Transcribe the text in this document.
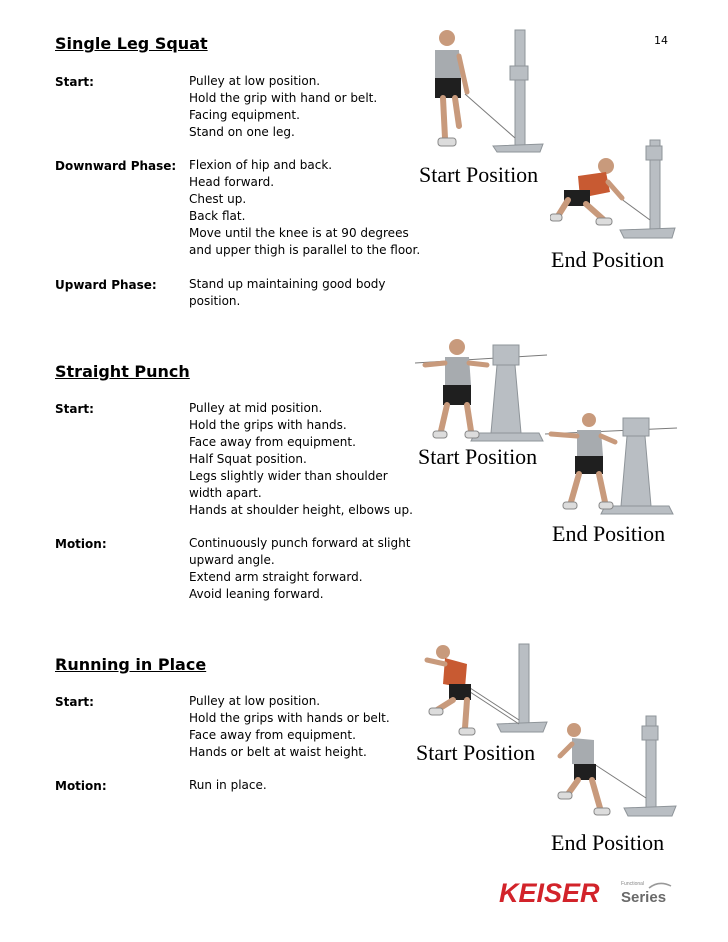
14
Single Leg Squat
Start:	Pulley at low position.
Hold the grip with hand or belt.
Facing equipment.
Stand on one leg.
Downward Phase: Flexion of hip and back.
Head forward.
Chest up.
Back flat.
Move until the knee is at 90 degrees
and upper thigh is parallel to the floor.
Upward Phase:	Stand up maintaining good body
position.
Start Position
End Position
Straight Punch
Start:	Pulley at mid position.
Hold the grips with hands.
Face away from equipment.
Half Squat position.
Legs slightly wider than shoulder
width apart.
Hands at shoulder height, elbows up.
Motion:	Continuously punch forward at slight
upward angle.
Extend arm straight forward.
Avoid leaning forward.
Start Position
End Position
Running in Place
Start:	Pulley at low position.
Hold the grips with hands or belt.
Face away from equipment.
Hands or belt at waist height.
Motion:	Run in place.
Start Position
End Position
KEISER	Functional
Series
